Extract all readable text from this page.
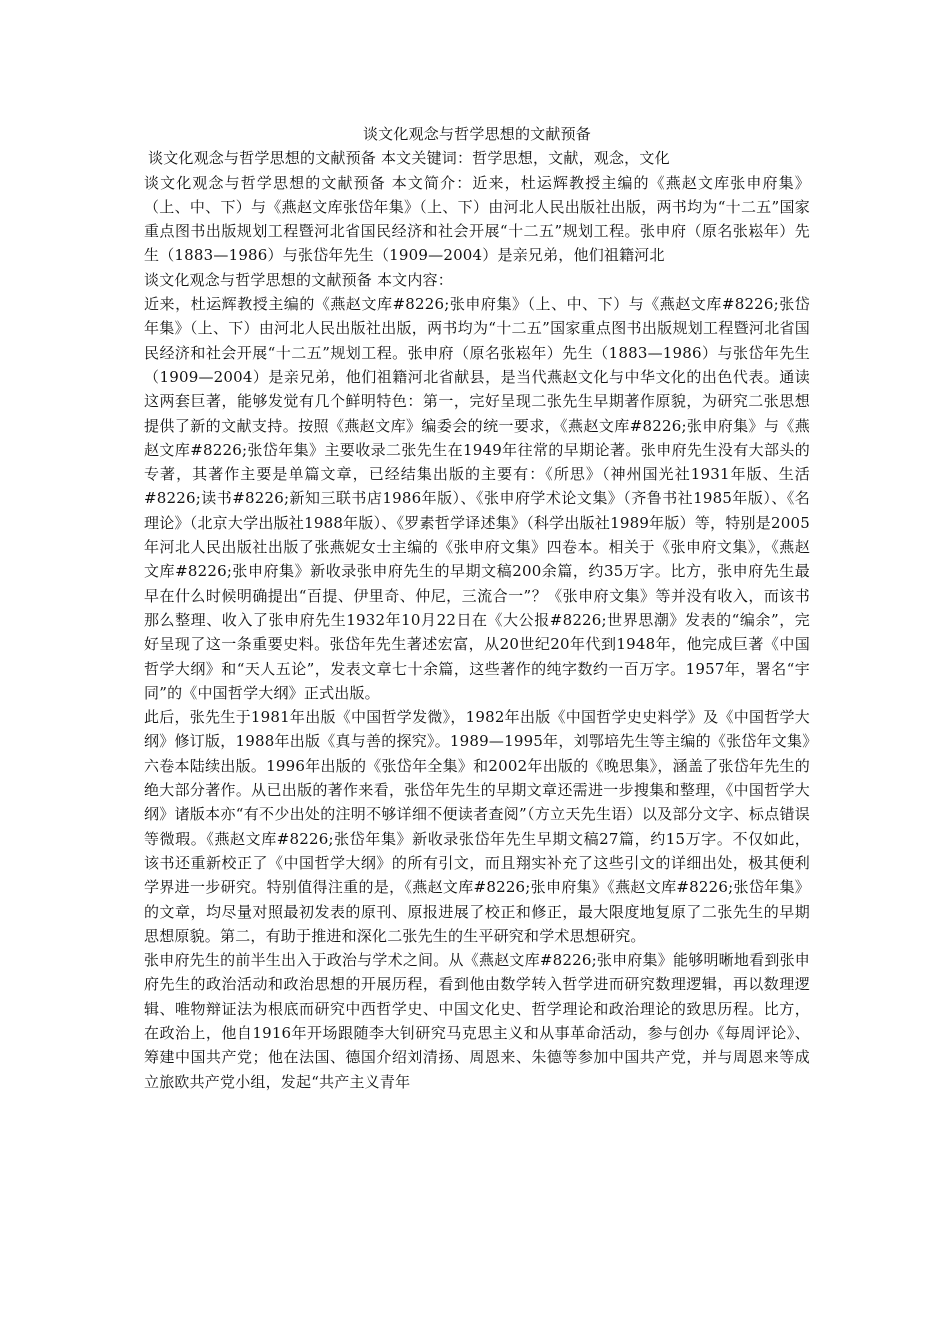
谈文化观念与哲学思想的文献预备

谈文化观念与哲学思想的文献预备 本文关键词：哲学思想，文献，观念，文化

谈文化观念与哲学思想的文献预备 本文简介：近来，杜运辉教授主编的《燕赵文库张申府集》（上、中、下）与《燕赵文库张岱年集》（上、下）由河北人民出版社出版，两书均为“十二五”国家重点图书出版规划工程暨河北省国民经济和社会开展“十二五”规划工程。张申府（原名张崧年）先生（1883—1986）与张岱年先生（1909—2004）是亲兄弟，他们祖籍河北

谈文化观念与哲学思想的文献预备 本文内容：

近来，杜运辉教授主编的《燕赵文库#8226;张申府集》（上、中、下）与《燕赵文库#8226;张岱年集》（上、下）由河北人民出版社出版，两书均为“十二五”国家重点图书出版规划工程暨河北省国民经济和社会开展“十二五”规划工程。张申府（原名张崧年）先生（1883—1986）与张岱年先生（1909—2004）是亲兄弟，他们祖籍河北省献县，是当代燕赵文化与中华文化的出色代表。通读这两套巨著，能够发觉有几个鲜明特色：第一，完好呈现二张先生早期著作原貌，为研究二张思想提供了新的文献支持。按照《燕赵文库》编委会的统一要求，《燕赵文库#8226;张申府集》与《燕赵文库#8226;张岱年集》主要收录二张先生在1949年往常的早期论著。张申府先生没有大部头的专著，其著作主要是单篇文章，已经结集出版的主要有：《所思》（神州国光社1931年版、生活#8226;读书#8226;新知三联书店1986年版）、《张申府学术论文集》（齐鲁书社1985年版）、《名理论》（北京大学出版社1988年版）、《罗素哲学译述集》（科学出版社1989年版）等，特别是2005年河北人民出版社出版了张燕妮女士主编的《张申府文集》四卷本。相关于《张申府文集》，《燕赵文库#8226;张申府集》新收录张申府先生的早期文稿200余篇，约35万字。比方，张申府先生最早在什么时候明确提出“百提、伊里奇、仲尼，三流合一”？《张申府文集》等并没有收入，而该书那么整理、收入了张申府先生1932年10月22日在《大公报#8226;世界思潮》发表的“编余”，完好呈现了这一条重要史料。张岱年先生著述宏富，从20世纪20年代到1948年，他完成巨著《中国哲学大纲》和“天人五论”，发表文章七十余篇，这些著作的纯字数约一百万字。1957年，署名“宇同”的《中国哲学大纲》正式出版。

此后，张先生于1981年出版《中国哲学发微》，1982年出版《中国哲学史史料学》及《中国哲学大纲》修订版，1988年出版《真与善的探究》。1989—1995年，刘鄂培先生等主编的《张岱年文集》六卷本陆续出版。1996年出版的《张岱年全集》和2002年出版的《晚思集》，涵盖了张岱年先生的绝大部分著作。从已出版的著作来看，张岱年先生的早期文章还需进一步搜集和整理，《中国哲学大纲》诸版本亦“有不少出处的注明不够详细不便读者查阅”（方立天先生语）以及部分文字、标点错误等微瑕。《燕赵文库#8226;张岱年集》新收录张岱年先生早期文稿27篇，约15万字。不仅如此，该书还重新校正了《中国哲学大纲》的所有引文，而且翔实补充了这些引文的详细出处，极其便利学界进一步研究。特别值得注重的是，《燕赵文库#8226;张申府集》《燕赵文库#8226;张岱年集》的文章，均尽量对照最初发表的原刊、原报进展了校正和修正，最大限度地复原了二张先生的早期思想原貌。第二，有助于推进和深化二张先生的生平研究和学术思想研究。

张申府先生的前半生出入于政治与学术之间。从《燕赵文库#8226;张申府集》能够明晰地看到张申府先生的政治活动和政治思想的开展历程，看到他由数学转入哲学进而研究数理逻辑，再以数理逻辑、唯物辩证法为根底而研究中西哲学史、中国文化史、哲学理论和政治理论的致思历程。比方，在政治上，他自1916年开场跟随李大钊研究马克思主义和从事革命活动，参与创办《每周评论》、筹建中国共产党；他在法国、德国介绍刘清扬、周恩来、朱德等参加中国共产党，并与周恩来等成立旅欧共产党小组，发起“共产主义青年
